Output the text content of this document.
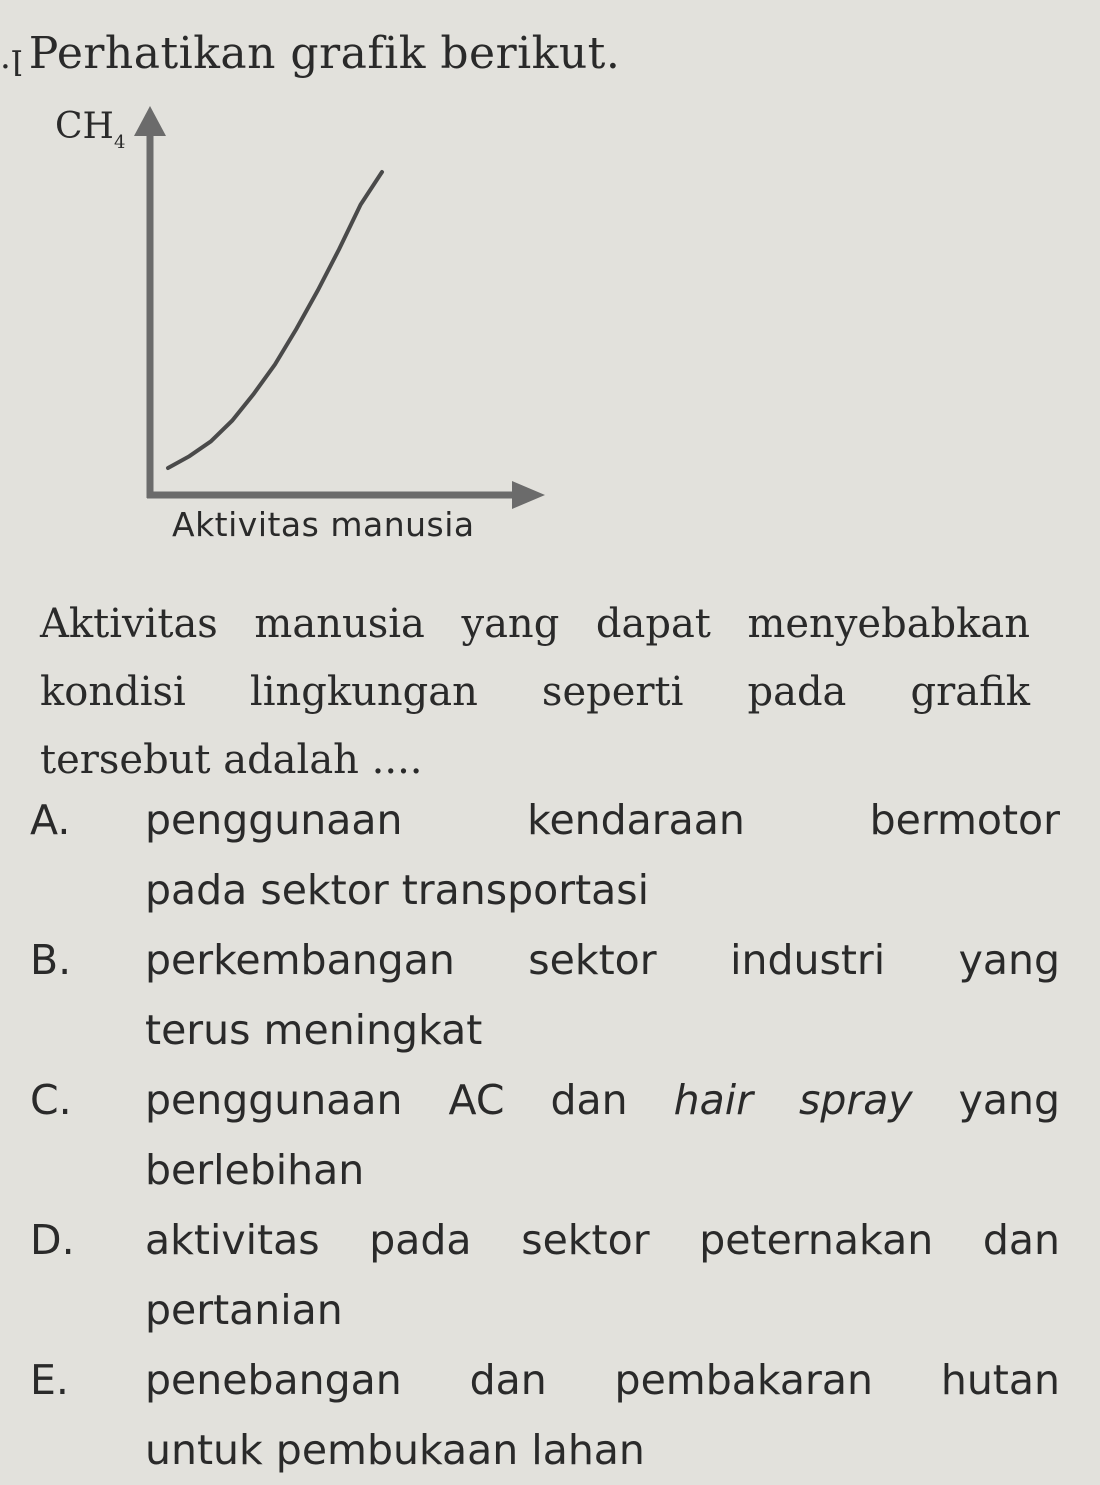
.ꞁ Perhatikan grafik berikut.
$CH_4$
Aktivitas manusia
Aktivitas manusia yang dapat menyebabkan
kondisi lingkungan seperti pada grafik
tersebut adalah ....
A. penggunaan kendaraan bermotor
pada sektor transportasi
B. perkembangan sektor industri yang
terus meningkat
C. penggunaan AC dan hair spray yang
berlebihan
D. aktivitas pada sektor peternakan dan
pertanian
E. penebangan dan pembakaran hutan
untuk pembukaan lahan
